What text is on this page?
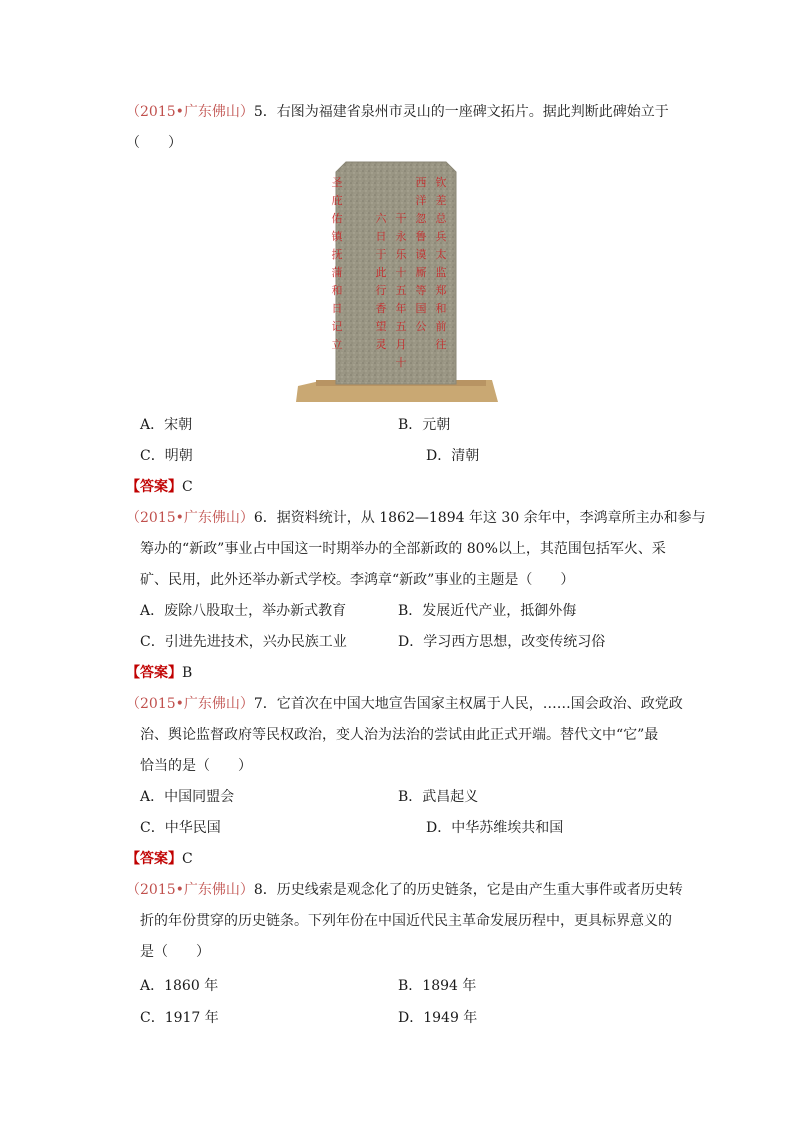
（2015•广东佛山）5．右图为福建省泉州市灵山的一座碑文拓片。据此判断此碑始立于
（　　）
钦
差
总
兵
太
监
郑
和
前
往
西
洋
忽
鲁
谟
厮
等
国
公
干
永
乐
十
五
年
五
月
十
六
日
于
此
行
香
望
灵
圣
庇
佑
镇
抚
蒲
和
日
记
立
A．宋朝	B．元朝
C．明朝	D．清朝
【答案】C
（2015•广东佛山）6．据资料统计，从 1862—1894 年这 30 余年中，李鸿章所主办和参与
筹办的“新政”事业占中国这一时期举办的全部新政的 80%以上，其范围包括军火、采
矿、民用，此外还举办新式学校。李鸿章“新政”事业的主题是（　　）
A．废除八股取士，举办新式教育	B．发展近代产业，抵御外侮
C．引进先进技术，兴办民族工业	D．学习西方思想，改变传统习俗
【答案】B
（2015•广东佛山）7．它首次在中国大地宣告国家主权属于人民，……国会政治、政党政
治、舆论监督政府等民权政治，变人治为法治的尝试由此正式开端。替代文中“它”最
恰当的是（　　）
A．中国同盟会	B．武昌起义
C．中华民国	D．中华苏维埃共和国
【答案】C
（2015•广东佛山）8．历史线索是观念化了的历史链条，它是由产生重大事件或者历史转
折的年份贯穿的历史链条。下列年份在中国近代民主革命发展历程中，更具标界意义的
是（　　）
A．1860 年	B．1894 年
C．1917 年	D．1949 年
